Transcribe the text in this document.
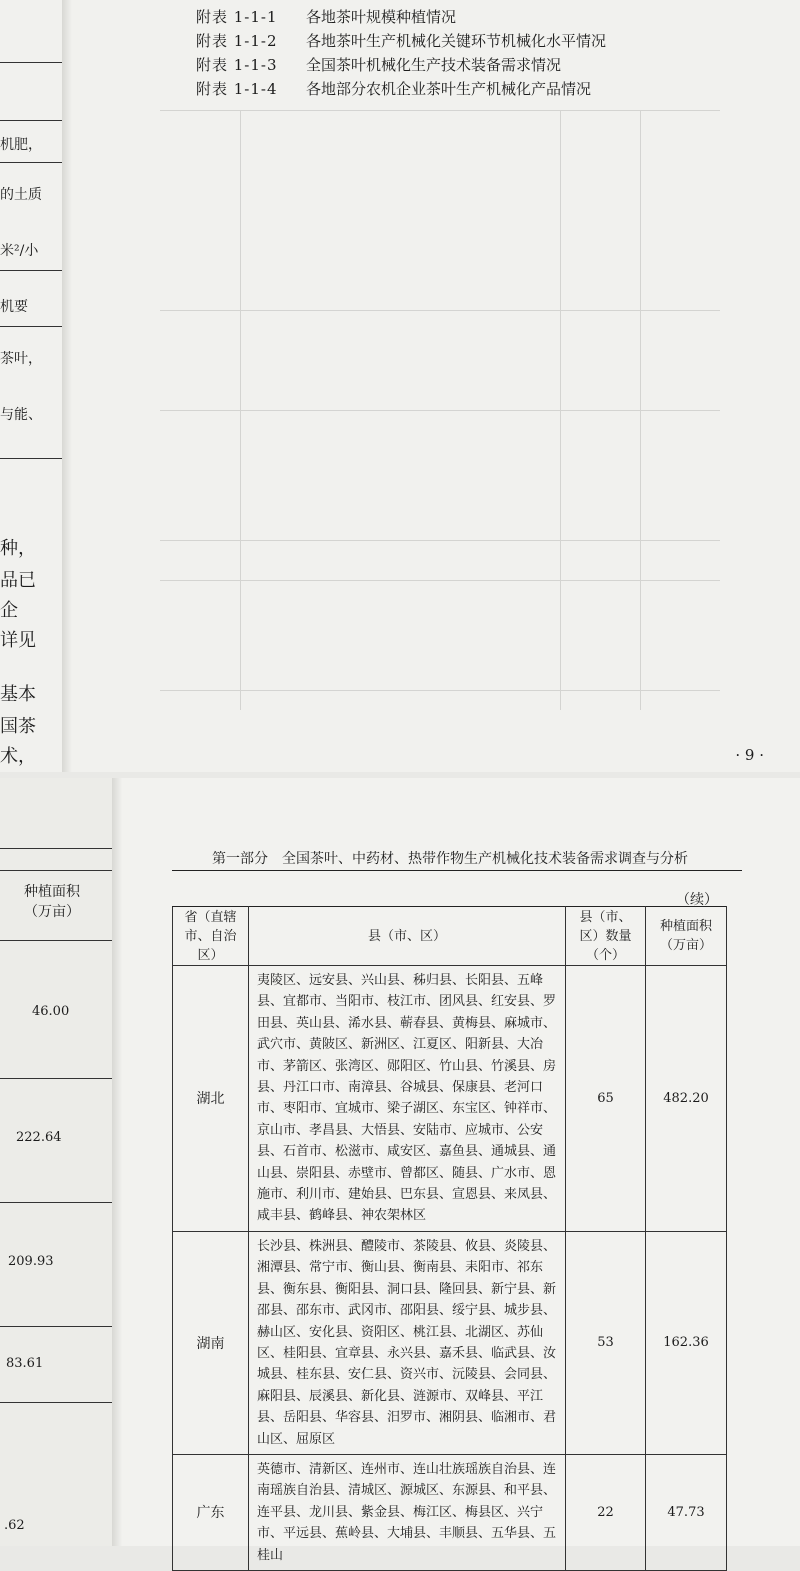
机肥，
的土质
米²/小
机要
茶叶，
与能、
种，
品已
企
详见
基本
国茶
术，
附表 1-1-1	各地茶叶规模种植情况
附表 1-1-2	各地茶叶生产机械化关键环节机械化水平情况
附表 1-1-3	全国茶叶机械化生产技术装备需求情况
附表 1-1-4	各地部分农机企业茶叶生产机械化产品情况
· 9 ·
种植面积（万亩）
46.00
222.64
209.93
83.61
.62
第一部分　全国茶叶、中药材、热带作物生产机械化技术装备需求调查与分析
（续）
省（直辖市、自治区）	县（市、区）	县（市、区）数量（个）	种植面积（万亩）
湖北	夷陵区、远安县、兴山县、秭归县、长阳县、五峰县、宜都市、当阳市、枝江市、团风县、红安县、罗田县、英山县、浠水县、蕲春县、黄梅县、麻城市、武穴市、黄陂区、新洲区、江夏区、阳新县、大冶市、茅箭区、张湾区、郧阳区、竹山县、竹溪县、房县、丹江口市、南漳县、谷城县、保康县、老河口市、枣阳市、宜城市、梁子湖区、东宝区、钟祥市、京山市、孝昌县、大悟县、安陆市、应城市、公安县、石首市、松滋市、咸安区、嘉鱼县、通城县、通山县、崇阳县、赤壁市、曾都区、随县、广水市、恩施市、利川市、建始县、巴东县、宣恩县、来凤县、咸丰县、鹤峰县、神农架林区	65	482.20
湖南	长沙县、株洲县、醴陵市、茶陵县、攸县、炎陵县、湘潭县、常宁市、衡山县、衡南县、耒阳市、祁东县、衡东县、衡阳县、洞口县、隆回县、新宁县、新邵县、邵东市、武冈市、邵阳县、绥宁县、城步县、赫山区、安化县、资阳区、桃江县、北湖区、苏仙区、桂阳县、宜章县、永兴县、嘉禾县、临武县、汝城县、桂东县、安仁县、资兴市、沅陵县、会同县、麻阳县、辰溪县、新化县、涟源市、双峰县、平江县、岳阳县、华容县、汨罗市、湘阴县、临湘市、君山区、屈原区	53	162.36
广东	英德市、清新区、连州市、连山壮族瑶族自治县、连南瑶族自治县、清城区、源城区、东源县、和平县、连平县、龙川县、紫金县、梅江区、梅县区、兴宁市、平远县、蕉岭县、大埔县、丰顺县、五华县、五桂山	22	47.73
